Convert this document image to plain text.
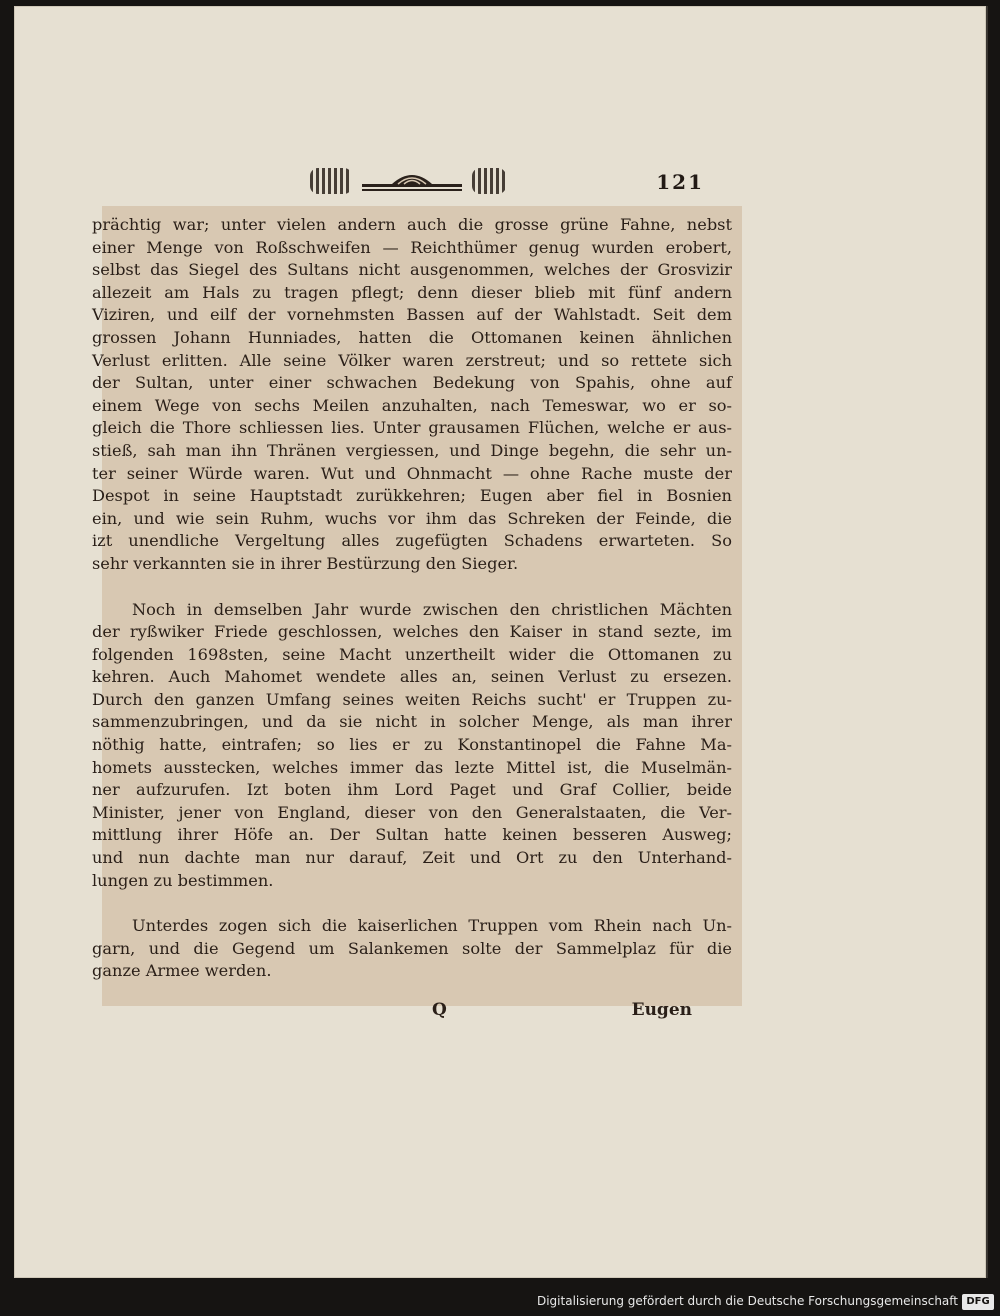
121
prächtig war; unter vielen andern auch die grosse grüne Fahne, nebst
einer Menge von Roßschweifen — Reichthümer genug wurden erobert,
selbst das Siegel des Sultans nicht ausgenommen, welches der Grosvizir
allezeit am Hals zu tragen pflegt; denn dieser blieb mit fünf andern
Viziren, und eilf der vornehmsten Bassen auf der Wahlstadt. Seit dem
grossen Johann Hunniades, hatten die Ottomanen keinen ähnlichen
Verlust erlitten. Alle seine Völker waren zerstreut; und so rettete sich
der Sultan, unter einer schwachen Bedekung von Spahis, ohne auf
einem Wege von sechs Meilen anzuhalten, nach Temeswar, wo er so-
gleich die Thore schliessen lies. Unter grausamen Flüchen, welche er aus-
stieß, sah man ihn Thränen vergiessen, und Dinge begehn, die sehr un-
ter seiner Würde waren. Wut und Ohnmacht — ohne Rache muste der
Despot in seine Hauptstadt zurükkehren; Eugen aber fiel in Bosnien
ein, und wie sein Ruhm, wuchs vor ihm das Schreken der Feinde, die
izt unendliche Vergeltung alles zugefügten Schadens erwarteten. So
sehr verkannten sie in ihrer Bestürzung den Sieger.
Noch in demselben Jahr wurde zwischen den christlichen Mächten
der ryßwiker Friede geschlossen, welches den Kaiser in stand sezte, im
folgenden 1698sten, seine Macht unzertheilt wider die Ottomanen zu
kehren. Auch Mahomet wendete alles an, seinen Verlust zu ersezen.
Durch den ganzen Umfang seines weiten Reichs sucht' er Truppen zu-
sammenzubringen, und da sie nicht in solcher Menge, als man ihrer
nöthig hatte, eintrafen; so lies er zu Konstantinopel die Fahne Ma-
homets ausstecken, welches immer das lezte Mittel ist, die Muselmän-
ner aufzurufen. Izt boten ihm Lord Paget und Graf Collier, beide
Minister, jener von England, dieser von den Generalstaaten, die Ver-
mittlung ihrer Höfe an. Der Sultan hatte keinen besseren Ausweg;
und nun dachte man nur darauf, Zeit und Ort zu den Unterhand-
lungen zu bestimmen.
Unterdes zogen sich die kaiserlichen Truppen vom Rhein nach Un-
garn, und die Gegend um Salankemen solte der Sammelplaz für die
ganze Armee werden.
Q	Eugen
Digitalisierung gefördert durch die Deutsche Forschungsgemeinschaft DFG
